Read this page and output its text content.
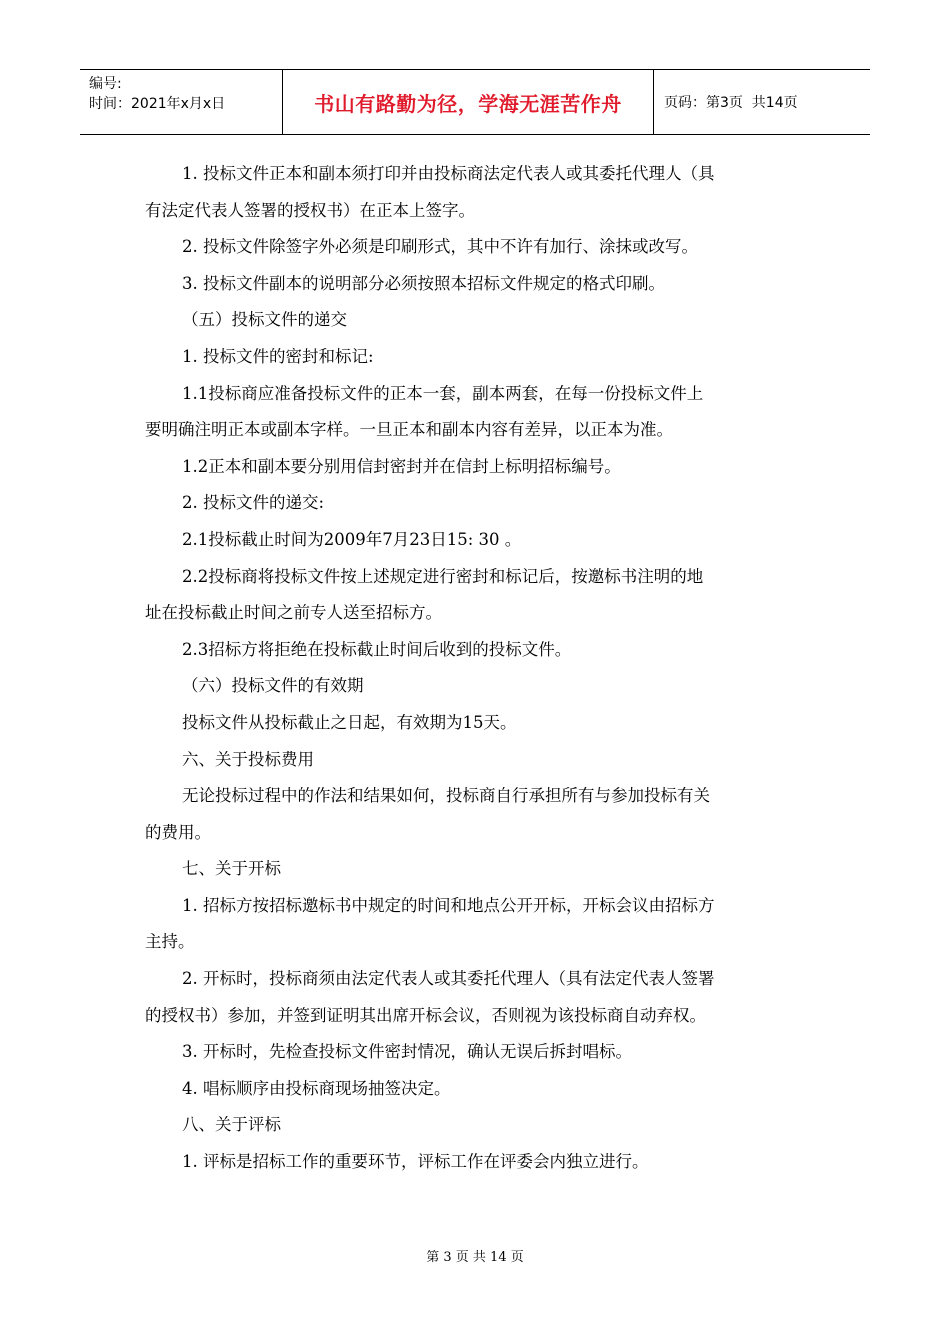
编号:
时间：2021年x月x日	书山有路勤为径，学海无涯苦作舟	页码：第3页  共14页

1. 投标文件正本和副本须打印并由投标商法定代表人或其委托代理人（具

有法定代表人签署的授权书）在正本上签字。

2. 投标文件除签字外必须是印刷形式，其中不许有加行、涂抹或改写。

3. 投标文件副本的说明部分必须按照本招标文件规定的格式印刷。

（五）投标文件的递交

1. 投标文件的密封和标记:

1.1投标商应准备投标文件的正本一套，副本两套，在每一份投标文件上

要明确注明正本或副本字样。一旦正本和副本内容有差异，以正本为准。

1.2正本和副本要分别用信封密封并在信封上标明招标编号。

2. 投标文件的递交:

2.1投标截止时间为2009年7月23日15: 30 。

2.2投标商将投标文件按上述规定进行密封和标记后，按邀标书注明的地

址在投标截止时间之前专人送至招标方。

2.3招标方将拒绝在投标截止时间后收到的投标文件。

（六）投标文件的有效期

投标文件从投标截止之日起，有效期为15天。

六、关于投标费用

无论投标过程中的作法和结果如何，投标商自行承担所有与参加投标有关

的费用。

七、关于开标

1. 招标方按招标邀标书中规定的时间和地点公开开标，开标会议由招标方

主持。

2. 开标时，投标商须由法定代表人或其委托代理人（具有法定代表人签署

的授权书）参加，并签到证明其出席开标会议，否则视为该投标商自动弃权。

3. 开标时，先检查投标文件密封情况，确认无误后拆封唱标。

4. 唱标顺序由投标商现场抽签决定。

八、关于评标

1. 评标是招标工作的重要环节，评标工作在评委会内独立进行。

第 3 页 共 14 页
